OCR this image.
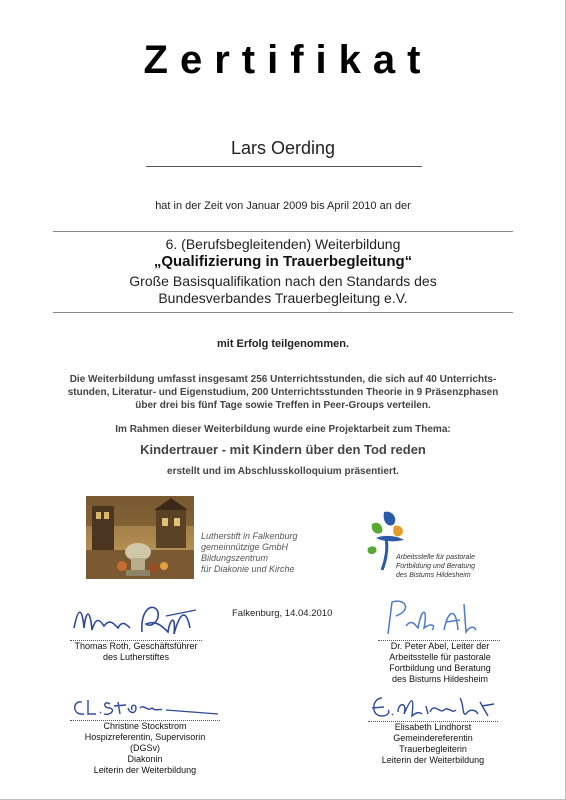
Zertifikat
Lars Oerding
hat in der Zeit von Januar 2009 bis April 2010 an der
6. (Berufsbegleitenden) Weiterbildung
„Qualifizierung in Trauerbegleitung“
Große Basisqualifikation nach den Standards des
Bundesverbandes Trauerbegleitung e.V.
mit Erfolg teilgenommen.
Die Weiterbildung umfasst insgesamt 256 Unterrichtsstunden, die sich auf 40 Unterrichts-
stunden, Literatur- und Eigenstudium, 200 Unterrichtsstunden Theorie in 9 Präsenzphasen
über drei bis fünf Tage sowie Treffen in Peer-Groups verteilen.
Im Rahmen dieser Weiterbildung wurde eine Projektarbeit zum Thema:
Kindertrauer - mit Kindern über den Tod reden
erstellt und im Abschlusskolloquium präsentiert.
Lutherstift in Falkenburg
gemeinnützige GmbH
Bildungszentrum
für Diakonie und Kirche
Arbeitsstelle für pastorale
Fortbildung und Beratung
des Bistums Hildesheim
Falkenburg, 14.04.2010
Thomas Roth, Geschäftsführer
des Lutherstiftes
Dr. Peter Abel, Leiter der
Arbeitsstelle für pastorale
Fortbildung und Beratung
des Bistums Hildesheim
Christine Stockstrom
Hospizreferentin, Supervisorin
(DGSv)
Diakonin
Leiterin der Weiterbildung
Elisabeth Lindhorst
Gemeindereferentin
Trauerbegleiterin
Leiterin der Weiterbildung
